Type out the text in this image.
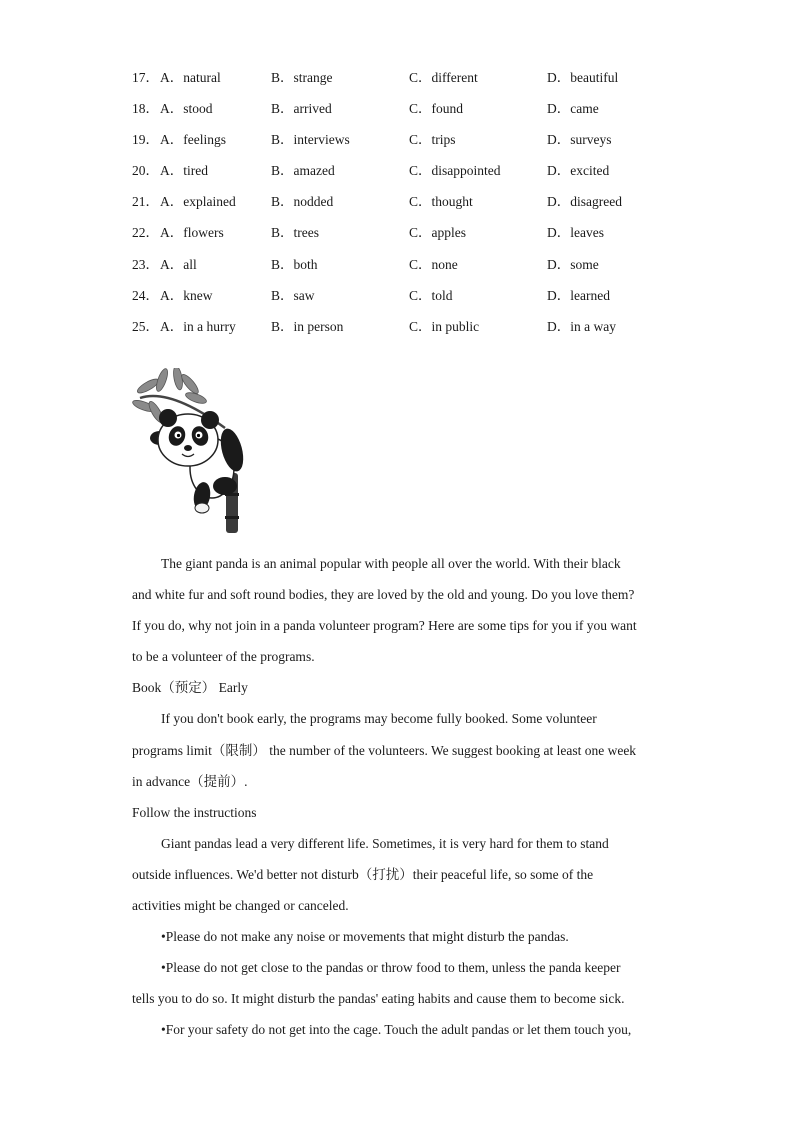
17． A．natural	B．strange	C．different	D．beautiful
18． A．stood	B．arrived	C．found	D．came
19． A．feelings	B．interviews	C．trips	D．surveys
20． A．tired	B．amazed	C．disappointed	D．excited
21． A．explained	B．nodded	C．thought	D．disagreed
22． A．flowers	B．trees	C．apples	D．leaves
23． A．all	B．both	C．none	D．some
24． A．knew	B．saw	C．told	D．learned
25． A．in a hurry	B．in person	C．in public	D．in a way
The giant panda is an animal popular with people all over the world. With their black
and white fur and soft round bodies, they are loved by the old and young. Do you love them?
If you do, why not join in a panda volunteer program? Here are some tips for you if you want
to be a volunteer of the programs.
Book（预定） Early
If you don't book early, the programs may become fully booked. Some volunteer
programs limit（限制） the number of the volunteers. We suggest booking at least one week
in advance（提前）.
Follow the instructions
Giant pandas lead a very different life. Sometimes, it is very hard for them to stand
outside influences. We'd better not disturb（打扰）their peaceful life, so some of the
activities might be changed or canceled.
•Please do not make any noise or movements that might disturb the pandas.
•Please do not get close to the pandas or throw food to them, unless the panda keeper
tells you to do so. It might disturb the pandas' eating habits and cause them to become sick.
•For your safety do not get into the cage. Touch the adult pandas or let them touch you,
